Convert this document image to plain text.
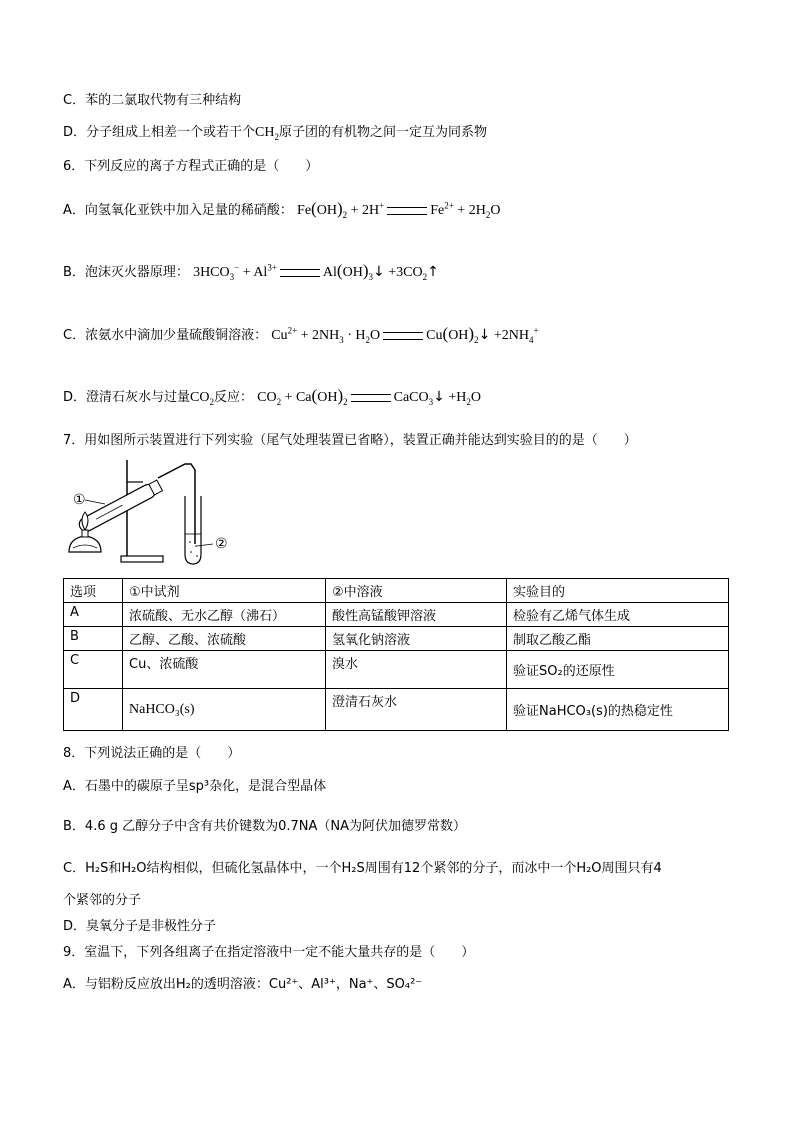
C．苯的二氯取代物有三种结构
D．分子组成上相差一个或若干个$CH_2$原子团的有机物之间一定互为同系物
6．下列反应的离子方程式正确的是（　　）
A．向氢氧化亚铁中加入足量的稀硝酸： $Fe(OH)_2 + 2H^+$	$Fe^{2+} + 2H_2O$
B．泡沫灭火器原理： $3HCO_3^- + Al^{3+}$	$Al(OH)_3↓$ $+3CO_2↑$
C．浓氨水中滴加少量硫酸铜溶液： $Cu^{2+} + 2NH_3 \cdot H_2O$	$Cu(OH)_2↓ +2NH_4^+$
D．澄清石灰水与过量$CO_2$反应： $CO_2 + Ca(OH)_2$	CaCO$_3$↓ $+H_2O$
7．用如图所示装置进行下列实验（尾气处理装置已省略），装置正确并能达到实验目的的是（　　）
①
②
选项	①中试剂	②中溶液	实验目的
A	浓硫酸、无水乙醇（沸石）	酸性高锰酸钾溶液	检验有乙烯气体生成
B	乙醇、乙酸、浓硫酸	氢氧化钠溶液	制取乙酸乙酯
C	Cu、浓硫酸	溴水	验证SO₂的还原性
D	NaHCO₃(s)	澄清石灰水	验证NaHCO₃(s)的热稳定性
8．下列说法正确的是（　　）
A．石墨中的碳原子呈sp³杂化，是混合型晶体
B．4.6 g 乙醇分子中含有共价键数为0.7NA（NA为阿伏加德罗常数）
C．H₂S和H₂O结构相似，但硫化氢晶体中，一个H₂S周围有12个紧邻的分子，而冰中一个H₂O周围只有4
个紧邻的分子
D．臭氧分子是非极性分子
9．室温下，下列各组离子在指定溶液中一定不能大量共存的是（　　）
A．与铝粉反应放出H₂的透明溶液：Cu²⁺、Al³⁺，Na⁺、SO₄²⁻
